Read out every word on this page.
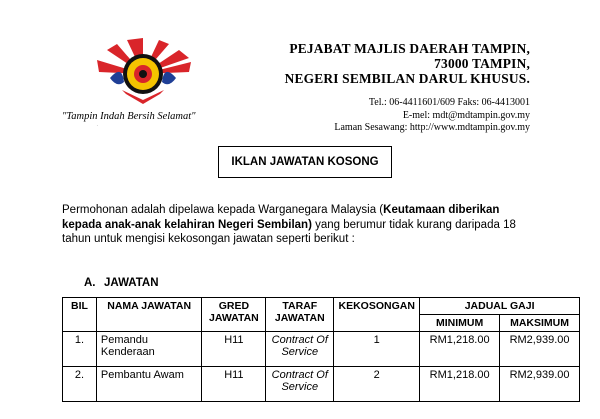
"Tampin Indah Bersih Selamat"
PEJABAT MAJLIS DAERAH TAMPIN,
73000 TAMPIN,
NEGERI SEMBILAN DARUL KHUSUS.
Tel.: 06-4411601/609 Faks: 06-4413001
E-mel: mdt@mdtampin.gov.my
Laman Sesawang: http://www.mdtampin.gov.my
IKLAN JAWATAN KOSONG
Permohonan adalah dipelawa kepada Warganegara Malaysia (Keutamaan diberikan kepada anak-anak kelahiran Negeri Sembilan) yang berumur tidak kurang daripada 18 tahun untuk mengisi kekosongan jawatan seperti berikut :
A. JAWATAN
BIL	NAMA JAWATAN	GRED JAWATAN	TARAF JAWATAN	KEKOSONGAN	JADUAL GAJI	
					MINIMUM	MAKSIMUM
1.	Pemandu Kenderaan	H11	Contract Of Service	1	RM1,218.00	RM2,939.00
2.	Pembantu Awam	H11	Contract Of Service	2	RM1,218.00	RM2,939.00
